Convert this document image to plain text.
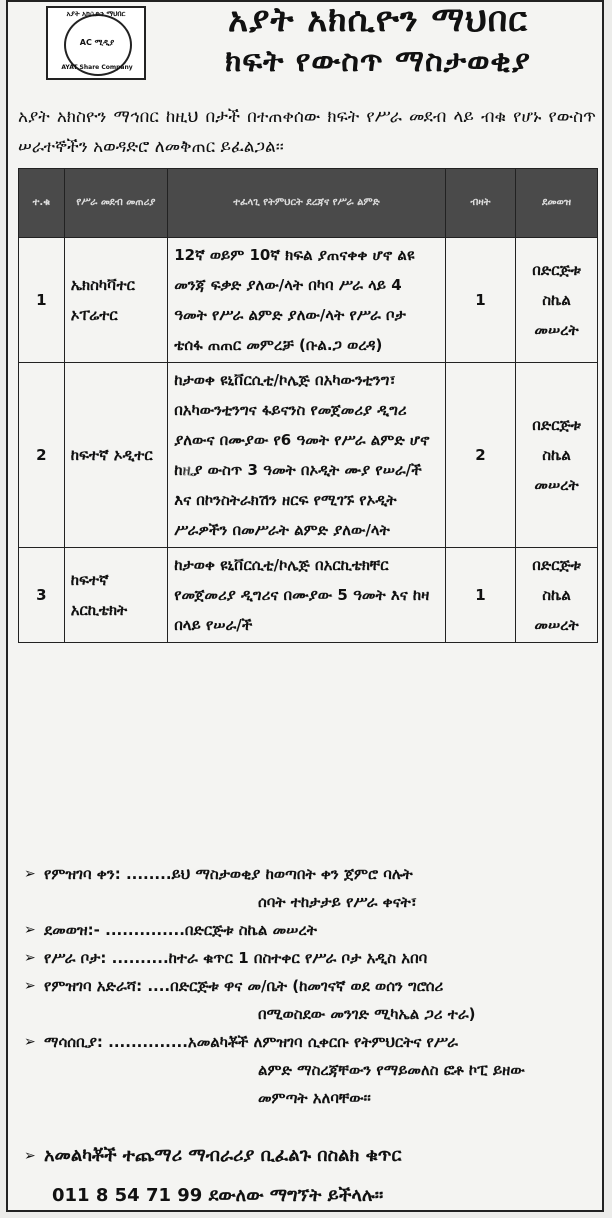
አያት አክሲዮን ማህበር
AC ሚዲያ
AYAT Share Company
አያት አክሲዮን ማህበር
ክፍት የውስጥ ማስታወቂያ
አያት አክስዮን ማኅበር ከዚህ በታች በተጠቀሰው ክፍት የሥራ መደብ ላይ ብቁ የሆኑ የውስጥ ሠራተኞችን አወዳድሮ ለመቅጠር ይፈልጋል፡፡
ተ.ቁ	የሥራ መደብ መጠሪያ	ተፈላጊ የትምህርት ደረጃና የሥራ ልምድ	ብዛት	ደመወዝ
1	ኤክስካቫተር ኦፐሬተር	12ኛ ወይም 10ኛ ክፍል ያጠናቀቀ ሆኖ ልዩ መንጃ ፍቃድ ያለው/ላት በካባ ሥራ ላይ 4 ዓመት የሥራ ልምድ ያለው/ላት የሥራ ቦታ ቴሰፋ ጠጠር መምረቻ (ቡል.ጋ ወረዳ)	1	በድርጅቱ ስኬል መሠረት
2	ከፍተኛ ኦዲተር	ከታወቀ ዩኒቨርሲቲ/ኮሌጅ በአካውንቲንግ፣ በአካውንቲንግና ፋይናንስ የመጀመሪያ ዲግሪ ያለውና በሙያው የ6 ዓመት የሥራ ልምድ ሆኖ ከዚያ ውስጥ 3 ዓመት በኦዲት ሙያ የሠራ/ች እና በኮንስትራክሽን ዘርፍ የሚገኙ የኦዲት ሥራዎችን በመሥራት ልምድ ያለው/ላት	2	በድርጅቱ ስኬል መሠረት
3	ከፍተኛ አርኪቴክት	ከታወቀ ዩኒቨርሲቲ/ኮሌጅ በአርኪቴክቸር የመጀመሪያ ዲግሪና በሙያው 5 ዓመት እና ከዛ በላይ የሠራ/ች	1	በድርጅቱ ስኬል መሠረት
➢ የምዝገባ ቀን: ........ይህ ማስታወቂያ ከወጣበት ቀን ጀምሮ ባሉት
ሰባት ተከታታይ የሥራ ቀናት፣
➢ ደመወዝ:- ..............በድርጅቱ ስኬል መሠረት
➢ የሥራ ቦታ: ..........ከተራ ቁጥር 1 በስተቀር የሥራ ቦታ አዲስ አበባ
➢ የምዝገባ አድራሻ: ....በድርጅቱ ዋና መ/ቤት (ከመገናኛ ወደ ወሰን ግሮሰሪ
በሚወስደው መንገድ ሚካኤል ጋሪ ተራ)
➢ ማሳሰቢያ: ..............አመልካቾች ለምዝገባ ሲቀርቡ የትምህርትና የሥራ
ልምድ ማስረጃቸውን የማይመለስ ፎቶ ኮፒ ይዘው
መምጣት አለባቸው፡፡
➢ አመልካቾች ተጨማሪ ማብራሪያ ቢፈልጉ በስልክ ቁጥር
011 8 54 71 99 ደውለው ማግኘት ይችላሉ፡፡
